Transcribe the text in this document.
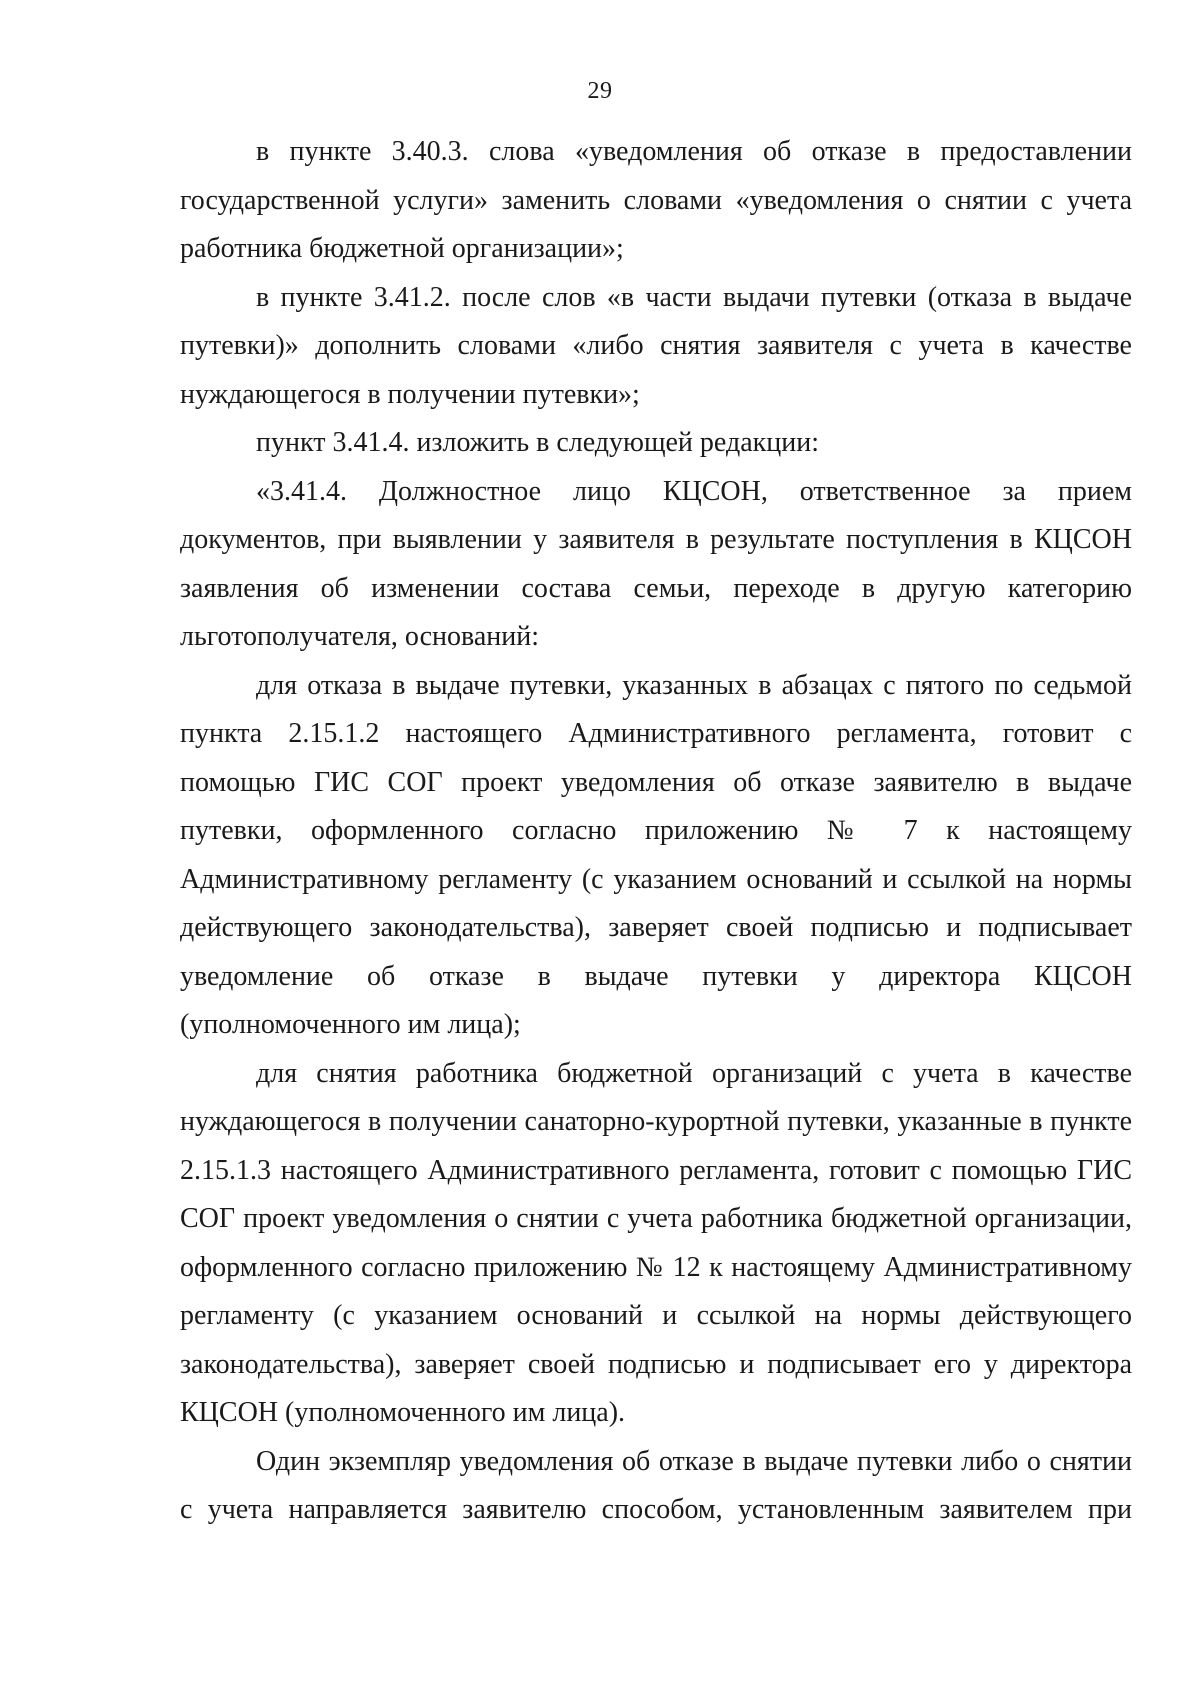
29

в пункте 3.40.3. слова «уведомления об отказе в предоставлении государственной услуги» заменить словами «уведомления о снятии с учета работника бюджетной организации»;

в пункте 3.41.2. после слов «в части выдачи путевки (отказа в выдаче путевки)» дополнить словами «либо снятия заявителя с учета в качестве нуждающегося в получении путевки»;

пункт 3.41.4. изложить в следующей редакции:

«3.41.4. Должностное лицо КЦСОН, ответственное за прием документов, при выявлении у заявителя в результате поступления в КЦСОН заявления об изменении состава семьи, переходе в другую категорию льготополучателя, оснований:

для отказа в выдаче путевки, указанных в абзацах с пятого по седьмой пункта 2.15.1.2 настоящего Административного регламента, готовит с помощью ГИС СОГ проект уведомления об отказе заявителю в выдаче путевки, оформленного согласно приложению № 7 к настоящему Административному регламенту (с указанием оснований и ссылкой на нормы действующего законодательства), заверяет своей подписью и подписывает уведомление об отказе в выдаче путевки у директора КЦСОН (уполномоченного им лица);

для снятия работника бюджетной организаций с учета в качестве нуждающегося в получении санаторно-курортной путевки, указанные в пункте 2.15.1.3 настоящего Административного регламента, готовит с помощью ГИС СОГ проект уведомления о снятии с учета работника бюджетной организации, оформленного согласно приложению № 12 к настоящему Административному регламенту (с указанием оснований и ссылкой на нормы действующего законодательства), заверяет своей подписью и подписывает его у директора КЦСОН (уполномоченного им лица).

Один экземпляр уведомления об отказе в выдаче путевки либо о снятии с учета направляется заявителю способом, установленным заявителем при
